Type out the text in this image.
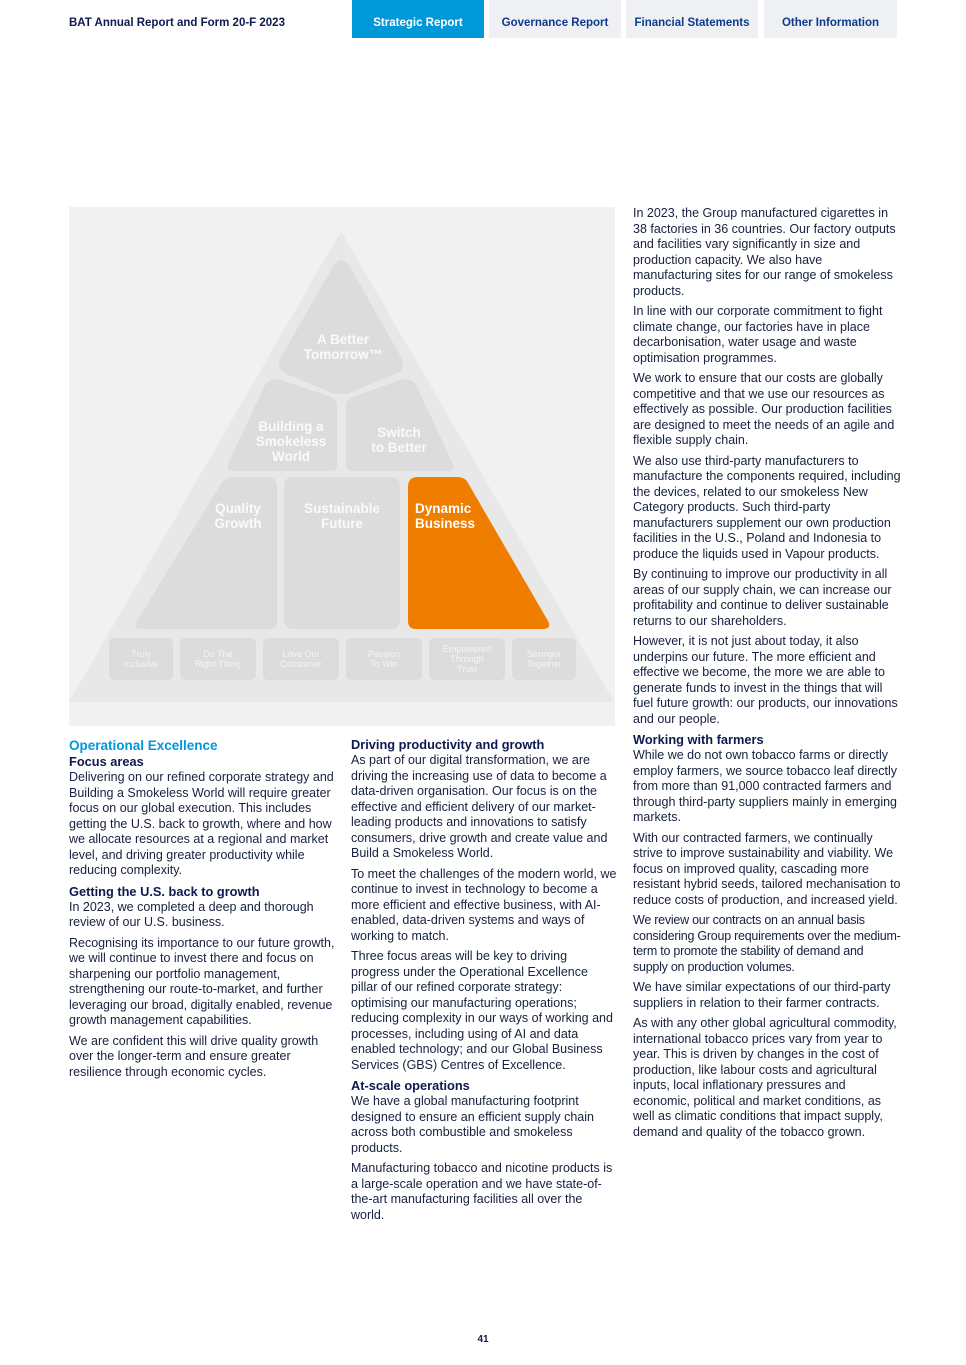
BAT Annual Report and Form 20-F 2023	Strategic Report	Governance Report	Financial Statements	Other Information
A Better
Tomorrow™
Building a
Smokeless
World
Switch
to Better
Quality
Growth
Sustainable
Future
Dynamic
Business
Truly
Inclusive
Do The
Right Thing
Love Our
Consumer
Passion
To Win
Empowered
Through
Trust
Stronger
Together
Operational Excellence
Focus areas

Delivering on our refined corporate strategy and Building a Smokeless World will require greater focus on our global execution. This includes getting the U.S. back to growth, where and how we allocate resources at a regional and market level, and driving greater productivity while reducing complexity.

Getting the U.S. back to growth

In 2023, we completed a deep and thorough review of our U.S. business.

Recognising its importance to our future growth, we will continue to invest there and focus on sharpening our portfolio management, strengthening our route-to-market, and further leveraging our broad, digitally enabled, revenue growth management capabilities.

We are confident this will drive quality growth over the longer-term and ensure greater resilience through economic cycles.

Driving productivity and growth

As part of our digital transformation, we are driving the increasing use of data to become a data-driven organisation. Our focus is on the effective and efficient delivery of our market-leading products and innovations to satisfy consumers, drive growth and create value and Build a Smokeless World.

To meet the challenges of the modern world, we continue to invest in technology to become a more efficient and effective business, with AI-enabled, data-driven systems and ways of working to match.

Three focus areas will be key to driving progress under the Operational Excellence pillar of our refined corporate strategy: optimising our manufacturing operations; reducing complexity in our ways of working and processes, including using of AI and data enabled technology; and our Global Business Services (GBS) Centres of Excellence.

At-scale operations

We have a global manufacturing footprint designed to ensure an efficient supply chain across both combustible and smokeless products.

Manufacturing tobacco and nicotine products is a large-scale operation and we have state-of-the-art manufacturing facilities all over the world.

In 2023, the Group manufactured cigarettes in 38 factories in 36 countries. Our factory outputs and facilities vary significantly in size and production capacity. We also have manufacturing sites for our range of smokeless products.

In line with our corporate commitment to fight climate change, our factories have in place decarbonisation, water usage and waste optimisation programmes.

We work to ensure that our costs are globally competitive and that we use our resources as effectively as possible. Our production facilities are designed to meet the needs of an agile and flexible supply chain.

We also use third-party manufacturers to manufacture the components required, including the devices, related to our smokeless New Category products. Such third-party manufacturers supplement our own production facilities in the U.S., Poland and Indonesia to produce the liquids used in Vapour products.

By continuing to improve our productivity in all areas of our supply chain, we can increase our profitability and continue to deliver sustainable returns to our shareholders.

However, it is not just about today, it also underpins our future. The more efficient and effective we become, the more we are able to generate funds to invest in the things that will fuel future growth: our products, our innovations and our people.

Working with farmers

While we do not own tobacco farms or directly employ farmers, we source tobacco leaf directly from more than 91,000 contracted farmers and through third-party suppliers mainly in emerging markets.

With our contracted farmers, we continually strive to improve sustainability and viability. We focus on improved quality, cascading more resistant hybrid seeds, tailored mechanisation to reduce costs of production, and increased yield.

We review our contracts on an annual basis considering Group requirements over the medium-term to promote the stability of demand and supply on production volumes.

We have similar expectations of our third-party suppliers in relation to their farmer contracts.

As with any other global agricultural commodity, international tobacco prices vary from year to year. This is driven by changes in the cost of production, like labour costs and agricultural inputs, local inflationary pressures and economic, political and market conditions, as well as climatic conditions that impact supply, demand and quality of the tobacco grown.

41
